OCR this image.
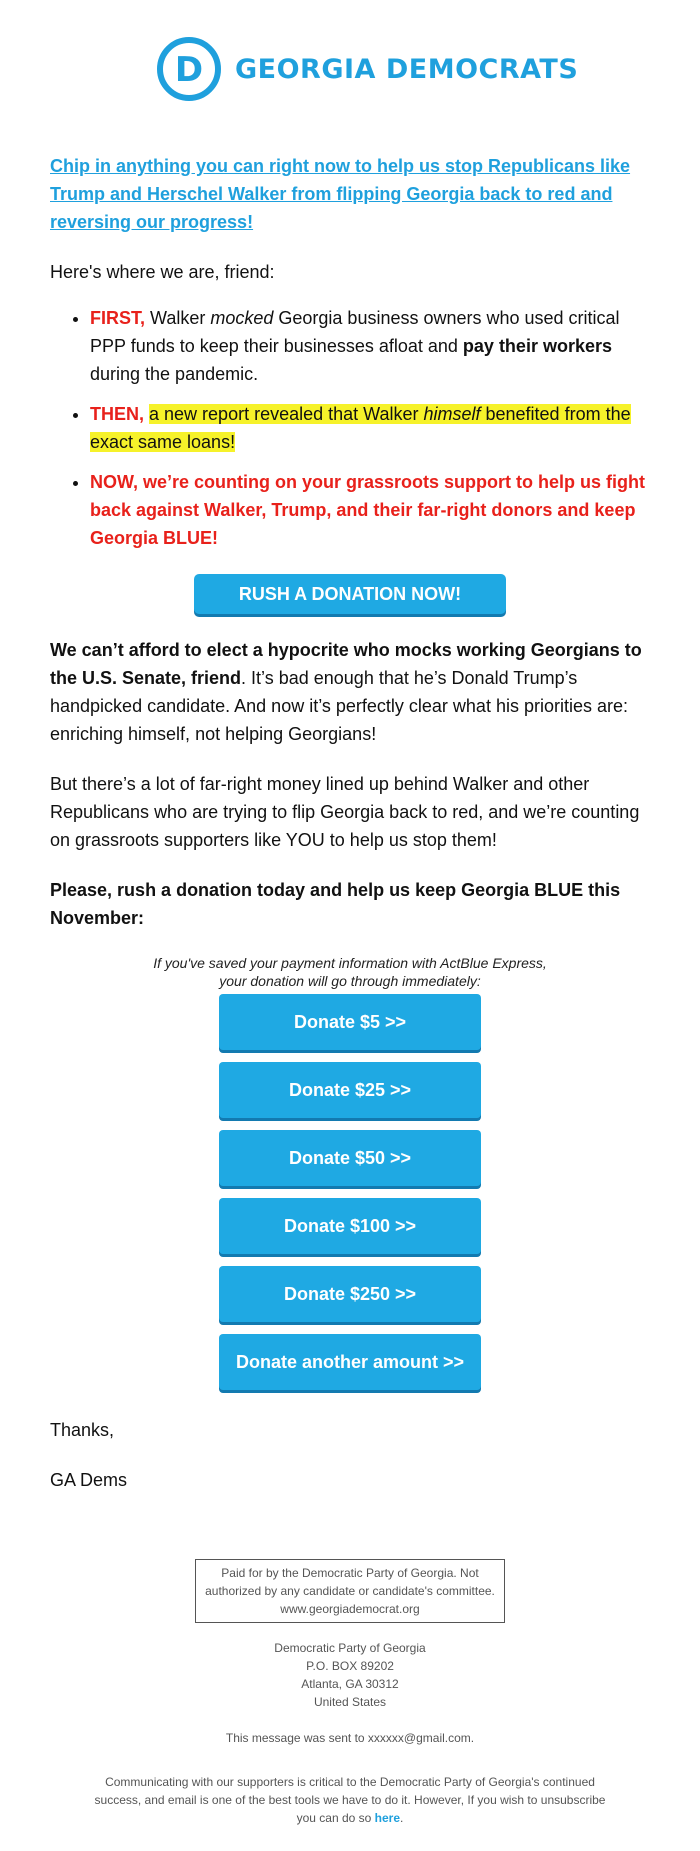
D GEORGIA DEMOCRATS
Chip in anything you can right now to help us stop Republicans like Trump and Herschel Walker from flipping Georgia back to red and reversing our progress!

Here's where we are, friend:

• FIRST, Walker mocked Georgia business owners who used critical PPP funds to keep their businesses afloat and pay their workers during the pandemic.
• THEN, a new report revealed that Walker himself benefited from the exact same loans!
• NOW, we’re counting on your grassroots support to help us fight back against Walker, Trump, and their far-right donors and keep Georgia BLUE!
RUSH A DONATION NOW!

We can’t afford to elect a hypocrite who mocks working Georgians to the U.S. Senate, friend. It’s bad enough that he’s Donald Trump’s handpicked candidate. And now it’s perfectly clear what his priorities are: enriching himself, not helping Georgians!

But there’s a lot of far-right money lined up behind Walker and other Republicans who are trying to flip Georgia back to red, and we’re counting on grassroots supporters like YOU to help us stop them!

Please, rush a donation today and help us keep Georgia BLUE this November:

If you've saved your payment information with ActBlue Express,
your donation will go through immediately:
Donate $5 >>
Donate $25 >>
Donate $50 >>
Donate $100 >>
Donate $250 >>
Donate another amount >>

Thanks,

GA Dems

Paid for by the Democratic Party of Georgia. Not authorized by any candidate or candidate's committee.
www.georgiademocrat.org
Democratic Party of Georgia
P.O. BOX 89202
Atlanta, GA 30312
United States
This message was sent to xxxxxx@gmail.com.
Communicating with our supporters is critical to the Democratic Party of Georgia's continued success, and email is one of the best tools we have to do it. However, If you wish to unsubscribe you can do so here.
